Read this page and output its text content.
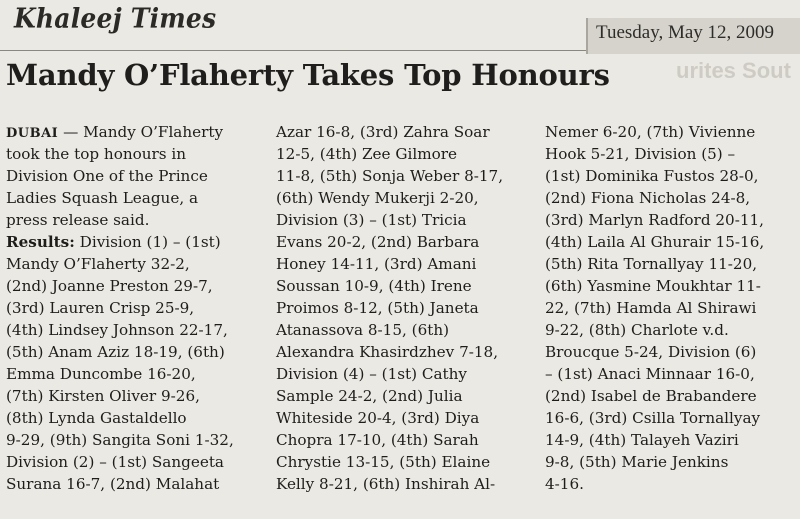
Khaleej Times	Tuesday, May 12, 2009
urites Sout
Mandy O’Flaherty Takes Top Honours
DUBAI — Mandy O’Flaherty
took the top honours in
Division One of the Prince
Ladies Squash League, a
press release said.
Results: Division (1) – (1st)
Mandy O’Flaherty 32-2,
(2nd) Joanne Preston 29-7,
(3rd) Lauren Crisp 25-9,
(4th) Lindsey Johnson 22-17,
(5th) Anam Aziz 18-19, (6th)
Emma Duncombe 16-20,
(7th) Kirsten Oliver 9-26,
(8th) Lynda Gastaldello
9-29, (9th) Sangita Soni 1-32,
Division (2) – (1st) Sangeeta
Surana 16-7, (2nd) Malahat
Azar 16-8, (3rd) Zahra Soar
12-5, (4th) Zee Gilmore
11-8, (5th) Sonja Weber 8-17,
(6th) Wendy Mukerji 2-20,
Division (3) – (1st) Tricia
Evans 20-2, (2nd) Barbara
Honey 14-11, (3rd) Amani
Soussan 10-9, (4th) Irene
Proimos 8-12, (5th) Janeta
Atanassova 8-15, (6th)
Alexandra Khasirdzhev 7-18,
Division (4) – (1st) Cathy
Sample 24-2, (2nd) Julia
Whiteside 20-4, (3rd) Diya
Chopra 17-10, (4th) Sarah
Chrystie 13-15, (5th) Elaine
Kelly 8-21, (6th) Inshirah Al-
Nemer 6-20, (7th) Vivienne
Hook 5-21, Division (5) –
(1st) Dominika Fustos 28-0,
(2nd) Fiona Nicholas 24-8,
(3rd) Marlyn Radford 20-11,
(4th) Laila Al Ghurair 15-16,
(5th) Rita Tornallyay 11-20,
(6th) Yasmine Moukhtar 11-
22, (7th) Hamda Al Shirawi
9-22, (8th) Charlote v.d.
Broucque 5-24, Division (6)
– (1st) Anaci Minnaar 16-0,
(2nd) Isabel de Brabandere
16-6, (3rd) Csilla Tornallyay
14-9, (4th) Talayeh Vaziri
9-8, (5th) Marie Jenkins
4-16.
